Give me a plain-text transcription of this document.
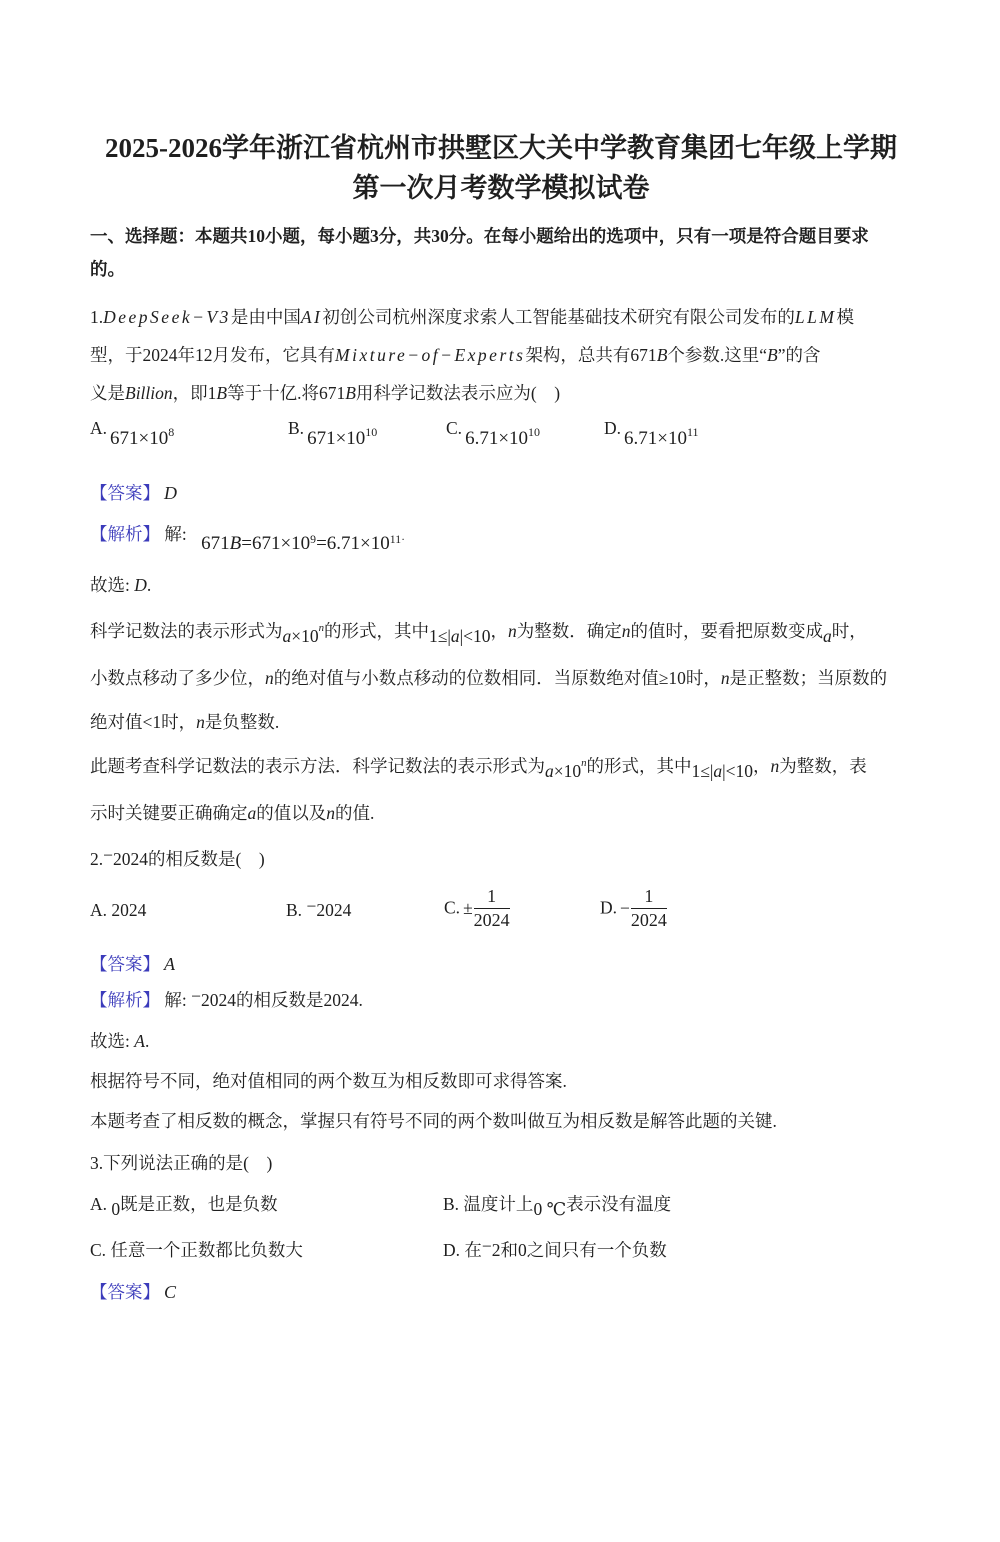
2025-2026学年浙江省杭州市拱墅区大关中学教育集团七年级上学期
第一次月考数学模拟试卷
一、选择题：本题共10小题，每小题3分，共30分。在每小题给出的选项中，只有一项是符合题目要求
的。
1.DeepSeek−V3是由中国AI初创公司杭州深度求索人工智能基础技术研究有限公司发布的LLM模
型，于2024年12月发布，它具有Mixture−of−Experts架构，总共有671B个参数.这里“B”的含
义是Billion，即1B等于十亿.将671B用科学记数法表示应为(　)
A. $671\times 10^8$	B. $671\times 10^{10}$	C. $6.71\times 10^{10}$	D. $6.71\times 10^{11}$
【答案】 D
【解析】 解: $671B=671\times 10^9=6.71\times 10^{11\cdot}$
故选: D.
科学记数法的表示形式为$a\times 10^n$的形式，其中1≤|a|<10，n为整数．确定n的值时，要看把原数变成a时，
小数点移动了多少位，n的绝对值与小数点移动的位数相同．当原数绝对值≥10时，n是正整数；当原数的
绝对值<1时，n是负整数.
此题考查科学记数法的表示方法．科学记数法的表示形式为$a\times 10^n$的形式，其中1≤|a|<10，n为整数，表
示时关键要正确确定a的值以及n的值.
2.−2024的相反数是(　)
A. 2024	B. −2024	C. ± $\frac{1}{2024}$	D. − $\frac{1}{2024}$
【答案】 A
【解析】 解: −2024的相反数是2024.
故选: A.
根据符号不同，绝对值相同的两个数互为相反数即可求得答案.
本题考查了相反数的概念，掌握只有符号不同的两个数叫做互为相反数是解答此题的关键.
3.下列说法正确的是(　)
A. 0既是正数，也是负数	B. 温度计上0 ℃表示没有温度
C. 任意一个正数都比负数大	D. 在−2和0之间只有一个负数
【答案】 C
